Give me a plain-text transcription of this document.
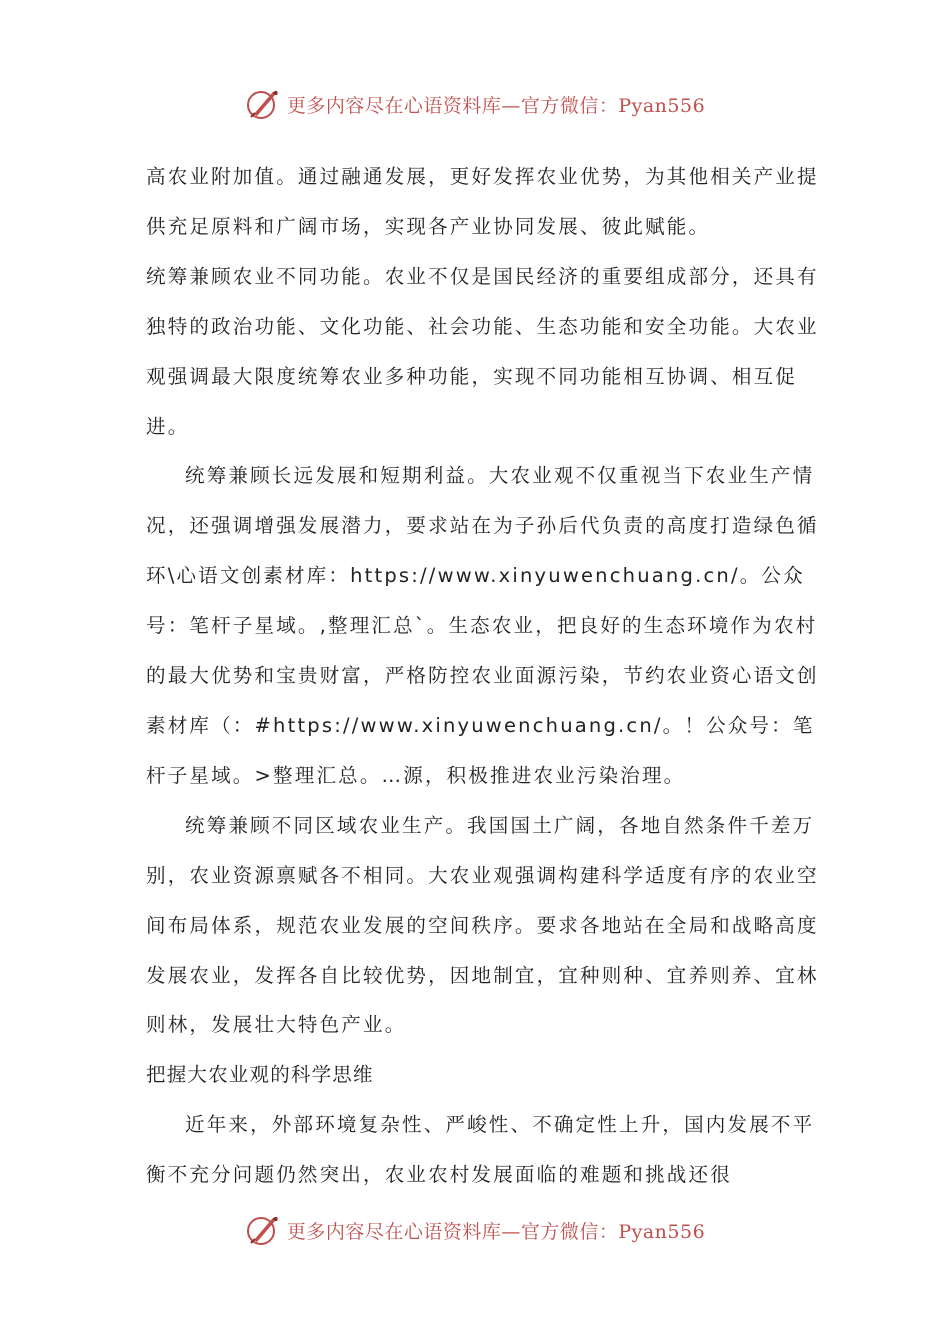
更多内容尽在心语资料库—官方微信：Pyan556

高农业附加值。通过融通发展，更好发挥农业优势，为其他相关产业提供充足原料和广阔市场，实现各产业协同发展、彼此赋能。

统筹兼顾农业不同功能。农业不仅是国民经济的重要组成部分，还具有独特的政治功能、文化功能、社会功能、生态功能和安全功能。大农业观强调最大限度统筹农业多种功能，实现不同功能相互协调、相互促进。

统筹兼顾长远发展和短期利益。大农业观不仅重视当下农业生产情况，还强调增强发展潜力，要求站在为子孙后代负责的高度打造绿色循环\心语文创素材库：https://www.xinyuwenchuang.cn/。公众号：笔杆子星域。,整理汇总`。生态农业，把良好的生态环境作为农村的最大优势和宝贵财富，严格防控农业面源污染，节约农业资心语文创素材库（：#https://www.xinyuwenchuang.cn/。！公众号：笔杆子星域。>整理汇总。…源，积极推进农业污染治理。

统筹兼顾不同区域农业生产。我国国土广阔，各地自然条件千差万别，农业资源禀赋各不相同。大农业观强调构建科学适度有序的农业空间布局体系，规范农业发展的空间秩序。要求各地站在全局和战略高度发展农业，发挥各自比较优势，因地制宜，宜种则种、宜养则养、宜林则林，发展壮大特色产业。

把握大农业观的科学思维

近年来，外部环境复杂性、严峻性、不确定性上升，国内发展不平衡不充分问题仍然突出，农业农村发展面临的难题和挑战还很

更多内容尽在心语资料库—官方微信：Pyan556
